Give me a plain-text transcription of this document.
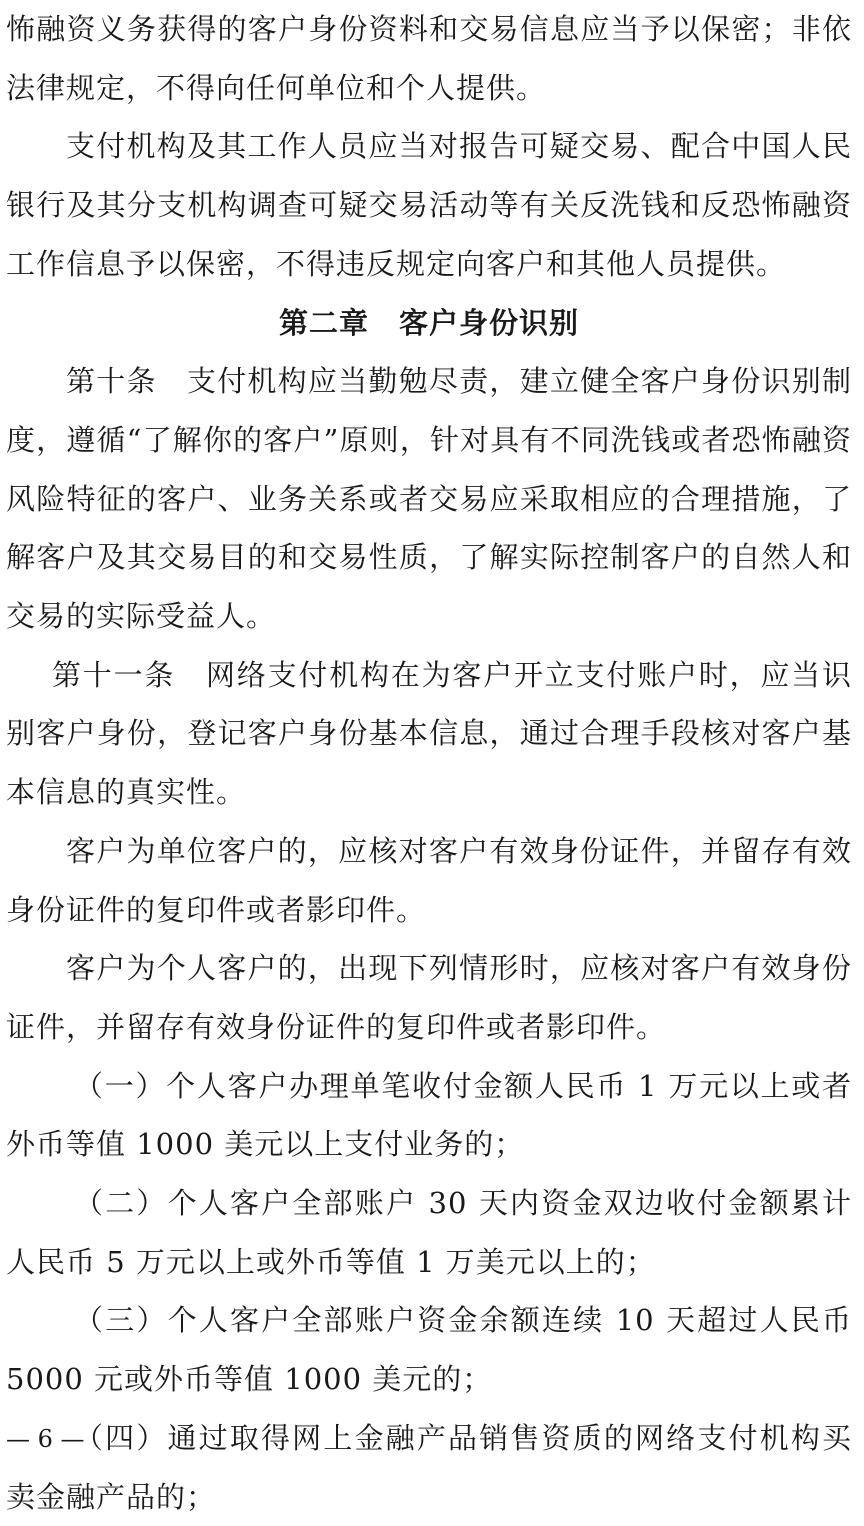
怖融资义务获得的客户身份资料和交易信息应当予以保密；非依法律规定，不得向任何单位和个人提供。

支付机构及其工作人员应当对报告可疑交易、配合中国人民银行及其分支机构调查可疑交易活动等有关反洗钱和反恐怖融资工作信息予以保密，不得违反规定向客户和其他人员提供。

第二章　客户身份识别

第十条　支付机构应当勤勉尽责，建立健全客户身份识别制度，遵循“了解你的客户”原则，针对具有不同洗钱或者恐怖融资风险特征的客户、业务关系或者交易应采取相应的合理措施，了解客户及其交易目的和交易性质，了解实际控制客户的自然人和交易的实际受益人。

第十一条　网络支付机构在为客户开立支付账户时，应当识别客户身份，登记客户身份基本信息，通过合理手段核对客户基本信息的真实性。

客户为单位客户的，应核对客户有效身份证件，并留存有效身份证件的复印件或者影印件。

客户为个人客户的，出现下列情形时，应核对客户有效身份证件，并留存有效身份证件的复印件或者影印件。

（一）个人客户办理单笔收付金额人民币 1 万元以上或者外币等值 1000 美元以上支付业务的；

（二）个人客户全部账户 30 天内资金双边收付金额累计人民币 5 万元以上或外币等值 1 万美元以上的；

（三）个人客户全部账户资金余额连续 10 天超过人民币 5000 元或外币等值 1000 美元的；

（四）通过取得网上金融产品销售资质的网络支付机构买卖金融产品的；

— 6 —
